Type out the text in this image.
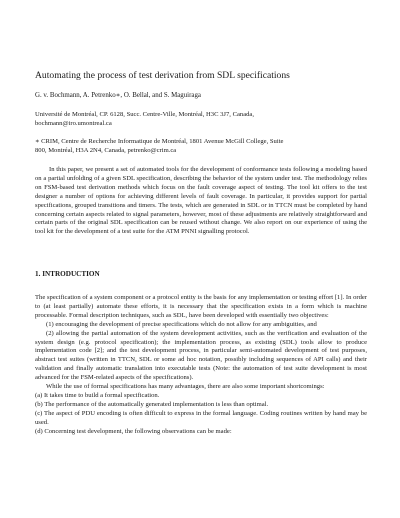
Automating the process of test derivation from SDL specifications
G. v. Bochmann, A. Petrenko∗, O. Bellal, and S. Maguiraga
Université de Montréal, CP. 6128, Succ. Centre-Ville, Montréal, H3C 3J7, Canada,
bochmann@iro.umontreal.ca
∗ CRIM, Centre de Recherche Informatique de Montréal, 1801 Avenue McGill College, Suite
800, Montréal, H3A 2N4, Canada, petrenko@crim.ca

In this paper, we present a set of automated tools for the development of conformance tests following a modeling based on a partial unfolding of a given SDL specification, describing the behavior of the system under test. The methodology relies on FSM-based test derivation methods which focus on the fault coverage aspect of testing. The tool kit offers to the test designer a number of options for achieving different levels of fault coverage. In particular, it provides support for partial specifications, grouped transitions and timers. The tests, which are generated in SDL or in TTCN must be completed by hand concerning certain aspects related to signal parameters, however, most of these adjustments are relatively straightforward and certain parts of the original SDL specification can be reused without change. We also report on our experience of using the tool kit for the development of a test suite for the ATM PNNI signalling protocol.

1. INTRODUCTION

The specification of a system component or a protocol entity is the basis for any implementation or testing effort [1]. In order to (at least partially) automate these efforts, it is necessary that the specification exists in a form which is machine processable. Formal description techniques, such as SDL, have been developed with essentially two objectives:

(1) encouraging the development of precise specifications which do not allow for any ambiguities, and

(2) allowing the partial automation of the system development activities, such as the verification and evaluation of the system design (e.g. protocol specification); the implementation process, as existing (SDL) tools allow to produce implementation code [2]; and the test development process, in particular semi-automated development of test purposes, abstract test suites (written in TTCN, SDL or some ad hoc notation, possibly including sequences of API calls) and their validation and finally automatic translation into executable tests (Note: the automation of test suite development is most advanced for the FSM-related aspects of the specifications).

While the use of formal specifications has many advantages, there are also some important shortcomings:

(a) It takes time to build a formal specification.

(b) The performance of the automatically generated implementation is less than optimal.

(c) The aspect of PDU encoding is often difficult to express in the formal language. Coding routines written by hand may be used.

(d) Concerning test development, the following observations can be made:
